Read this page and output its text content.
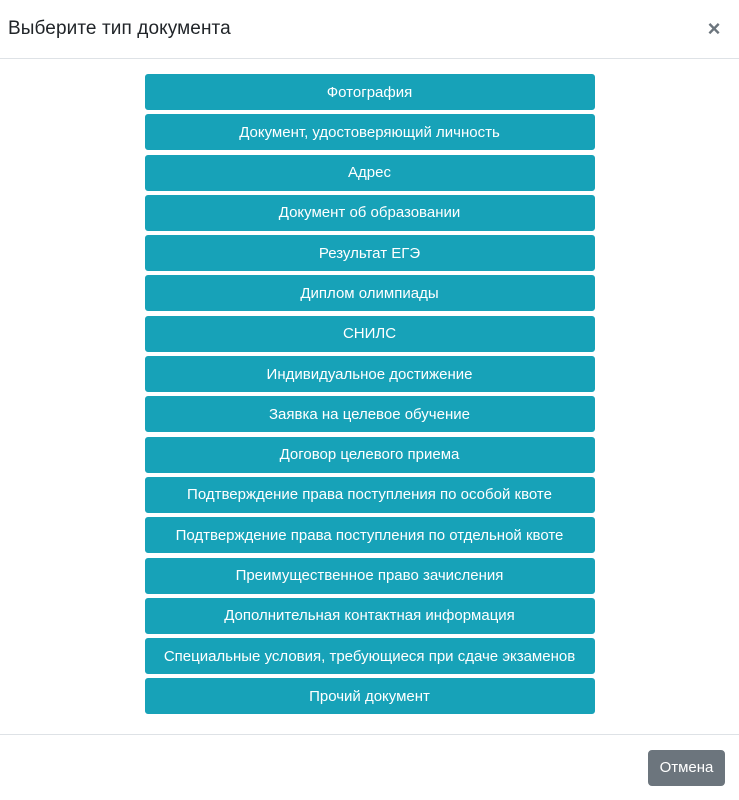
Выберите тип документа	×
Фотография
Документ, удостоверяющий личность
Адрес
Документ об образовании
Результат ЕГЭ
Диплом олимпиады
СНИЛС
Индивидуальное достижение
Заявка на целевое обучение
Договор целевого приема
Подтверждение права поступления по особой квоте
Подтверждение права поступления по отдельной квоте
Преимущественное право зачисления
Дополнительная контактная информация
Специальные условия, требующиеся при сдаче экзаменов
Прочий документ
Отмена
